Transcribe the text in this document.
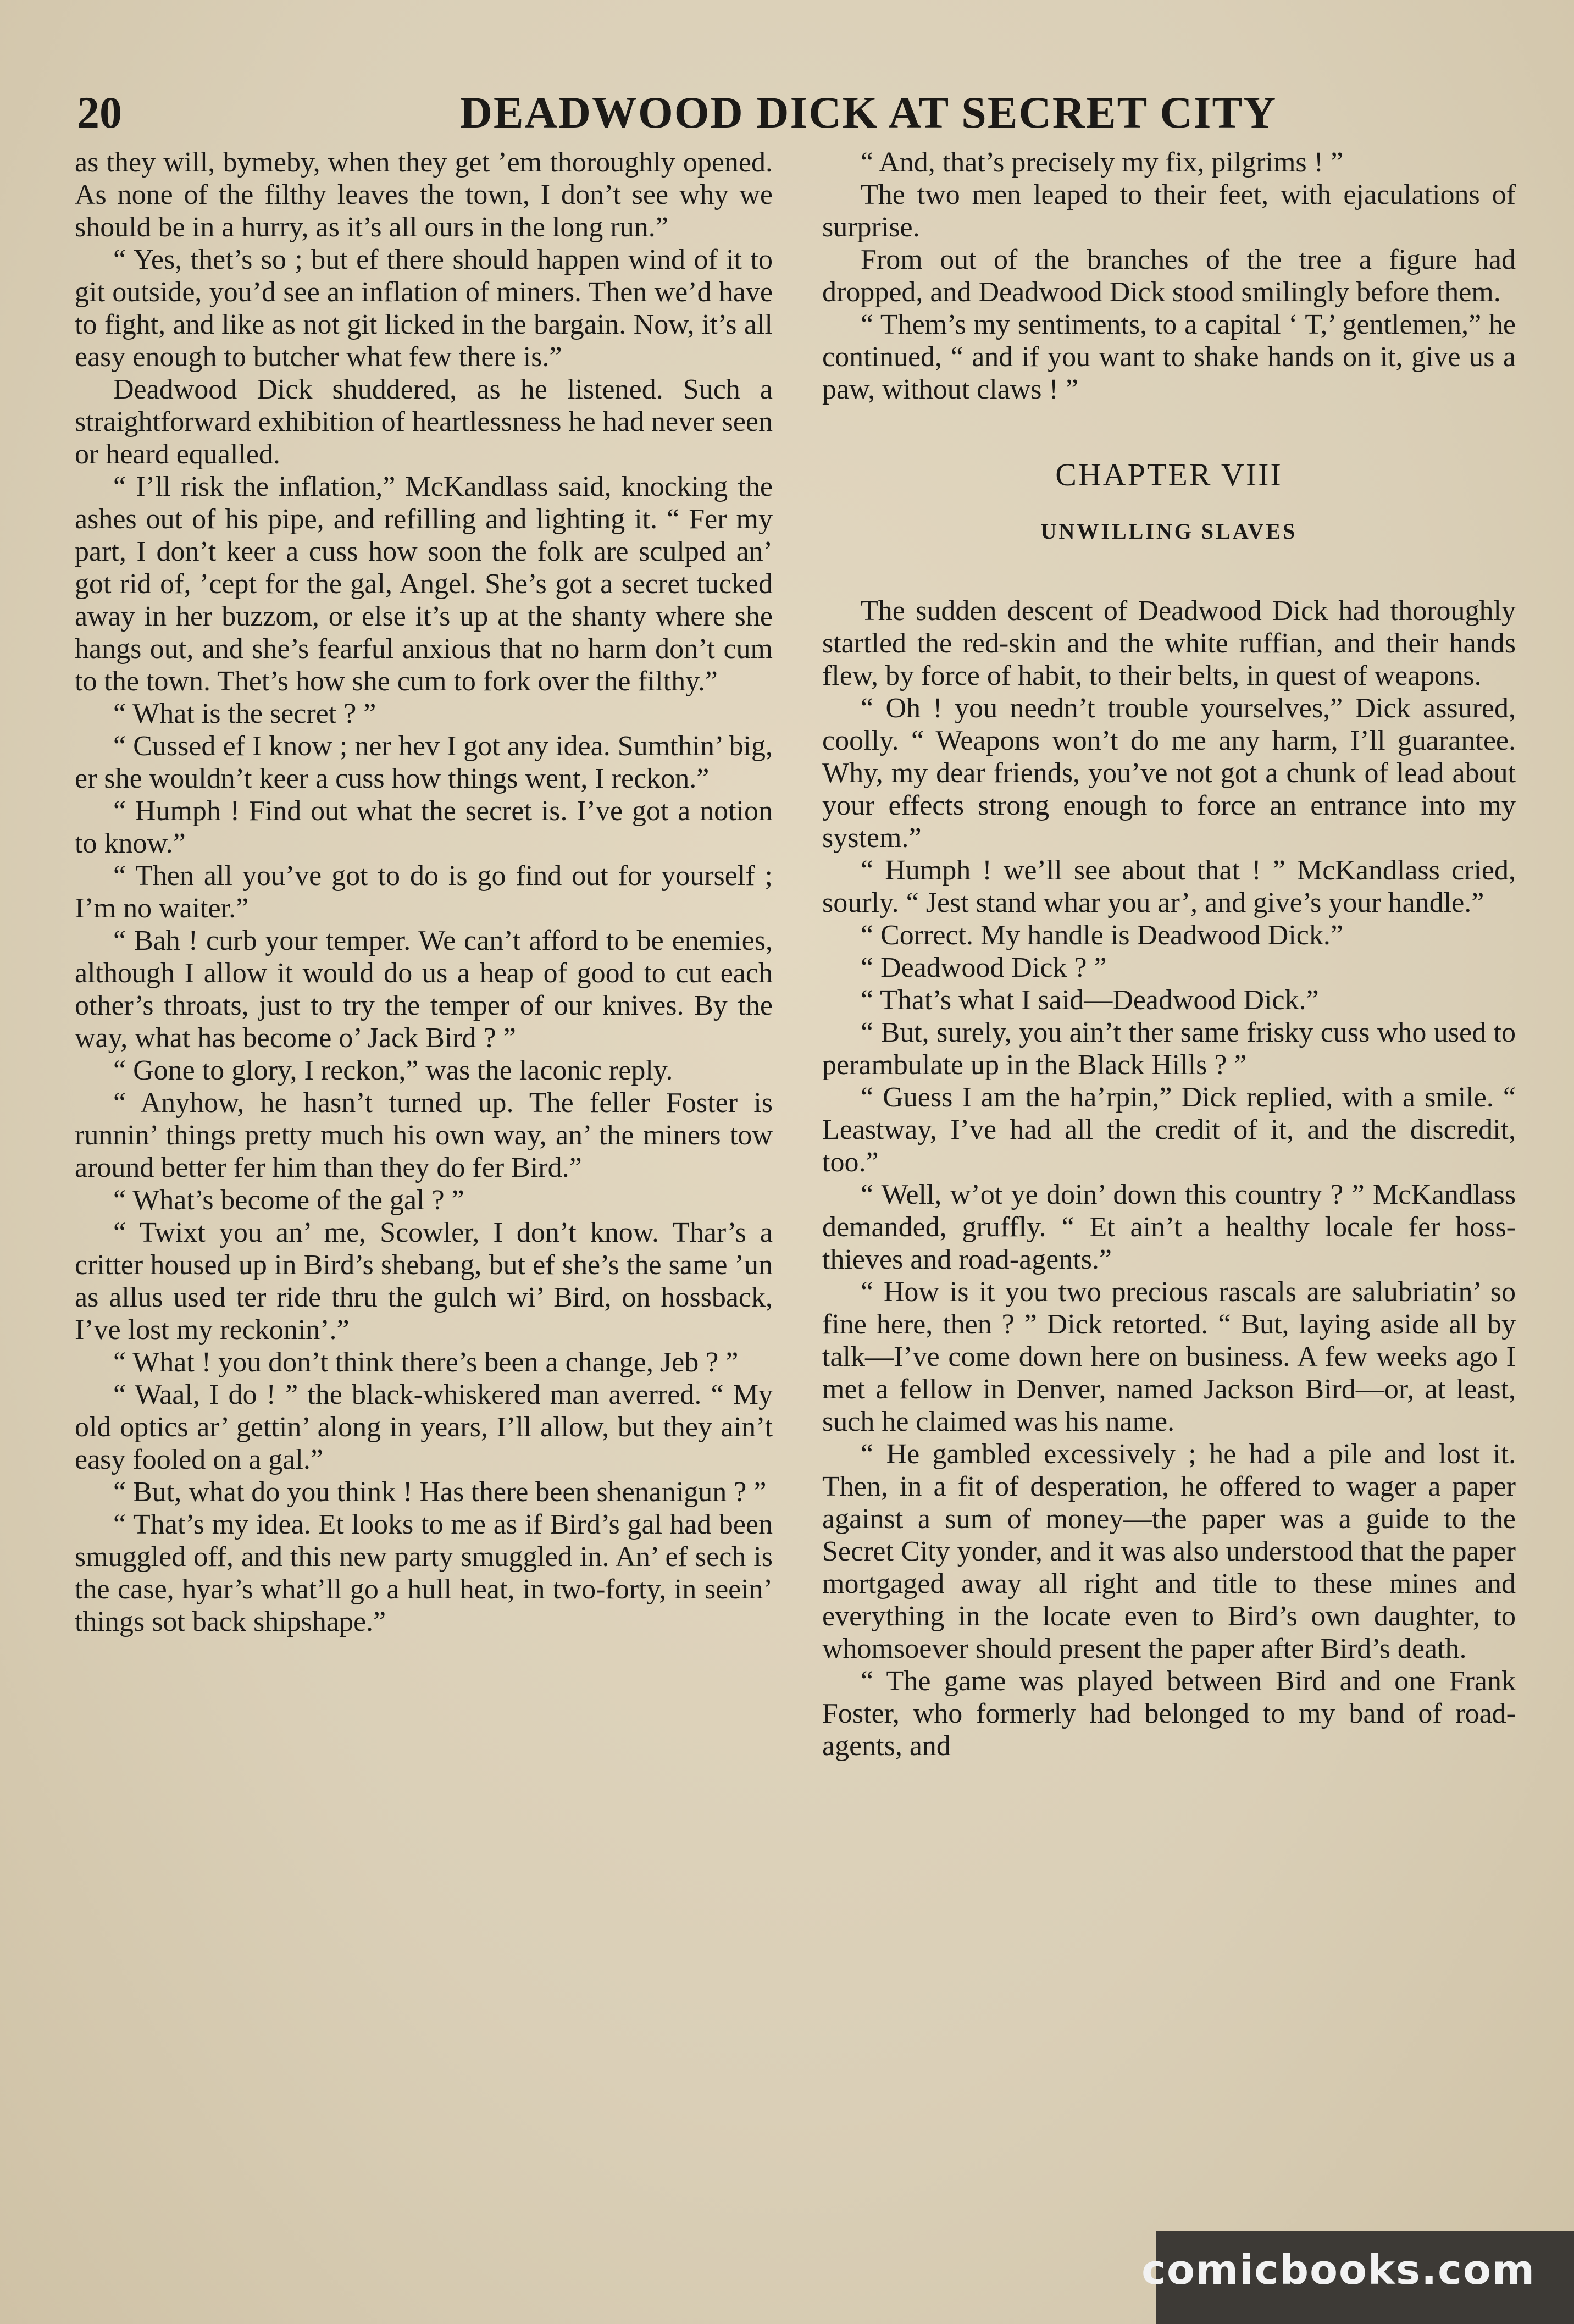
20	DEADWOOD DICK AT SECRET CITY

as they will, bymeby, when they get ’em thoroughly opened. As none of the filthy leaves the town, I don’t see why we should be in a hurry, as it’s all ours in the long run.”

“ Yes, thet’s so ; but ef there should happen wind of it to git outside, you’d see an inflation of miners. Then we’d have to fight, and like as not git licked in the bargain. Now, it’s all easy enough to butcher what few there is.”

Deadwood Dick shuddered, as he listened. Such a straightforward exhibition of heartlessness he had never seen or heard equalled.

“ I’ll risk the inflation,” McKandlass said, knocking the ashes out of his pipe, and refilling and lighting it. “ Fer my part, I don’t keer a cuss how soon the folk are sculped an’ got rid of, ’cept for the gal, Angel. She’s got a secret tucked away in her buzzom, or else it’s up at the shanty where she hangs out, and she’s fearful anxious that no harm don’t cum to the town. Thet’s how she cum to fork over the filthy.”

“ What is the secret ? ”

“ Cussed ef I know ; ner hev I got any idea. Sumthin’ big, er she wouldn’t keer a cuss how things went, I reckon.”

“ Humph ! Find out what the secret is. I’ve got a notion to know.”

“ Then all you’ve got to do is go find out for yourself ; I’m no waiter.”

“ Bah ! curb your temper. We can’t afford to be enemies, although I allow it would do us a heap of good to cut each other’s throats, just to try the temper of our knives. By the way, what has become o’ Jack Bird ? ”

“ Gone to glory, I reckon,” was the laconic reply.

“ Anyhow, he hasn’t turned up. The feller Foster is runnin’ things pretty much his own way, an’ the miners tow around better fer him than they do fer Bird.”

“ What’s become of the gal ? ”

“ Twixt you an’ me, Scowler, I don’t know. Thar’s a critter housed up in Bird’s shebang, but ef she’s the same ’un as allus used ter ride thru the gulch wi’ Bird, on hossback, I’ve lost my reckonin’.”

“ What ! you don’t think there’s been a change, Jeb ? ”

“ Waal, I do ! ” the black-whiskered man averred. “ My old optics ar’ gettin’ along in years, I’ll allow, but they ain’t easy fooled on a gal.”

“ But, what do you think ! Has there been shenanigun ? ”

“ That’s my idea. Et looks to me as if Bird’s gal had been smuggled off, and this new party smuggled in. An’ ef sech is the case, hyar’s what’ll go a hull heat, in two-forty, in seein’ things sot back shipshape.”

“ And, that’s precisely my fix, pilgrims ! ”

The two men leaped to their feet, with ejaculations of surprise.

From out of the branches of the tree a figure had dropped, and Deadwood Dick stood smilingly before them.

“ Them’s my sentiments, to a capital ‘ T,’ gentlemen,” he continued, “ and if you want to shake hands on it, give us a paw, without claws ! ”

CHAPTER VIII
UNWILLING SLAVES

The sudden descent of Deadwood Dick had thoroughly startled the red-skin and the white ruffian, and their hands flew, by force of habit, to their belts, in quest of weapons.

“ Oh ! you needn’t trouble yourselves,” Dick assured, coolly. “ Weapons won’t do me any harm, I’ll guarantee. Why, my dear friends, you’ve not got a chunk of lead about your effects strong enough to force an entrance into my system.”

“ Humph ! we’ll see about that ! ” McKandlass cried, sourly. “ Jest stand whar you ar’, and give’s your handle.”

“ Correct. My handle is Deadwood Dick.”

“ Deadwood Dick ? ”

“ That’s what I said—Deadwood Dick.”

“ But, surely, you ain’t ther same frisky cuss who used to perambulate up in the Black Hills ? ”

“ Guess I am the ha’rpin,” Dick replied, with a smile. “ Leastway, I’ve had all the credit of it, and the discredit, too.”

“ Well, w’ot ye doin’ down this country ? ” McKandlass demanded, gruffly. “ Et ain’t a healthy locale fer hoss-thieves and road-agents.”

“ How is it you two precious rascals are salubriatin’ so fine here, then ? ” Dick retorted. “ But, laying aside all by talk—I’ve come down here on business. A few weeks ago I met a fellow in Denver, named Jackson Bird—or, at least, such he claimed was his name.

“ He gambled excessively ; he had a pile and lost it. Then, in a fit of desperation, he offered to wager a paper against a sum of money—the paper was a guide to the Secret City yonder, and it was also understood that the paper mortgaged away all right and title to these mines and everything in the locate even to Bird’s own daughter, to whomsoever should present the paper after Bird’s death.

“ The game was played between Bird and one Frank Foster, who formerly had belonged to my band of road-agents, and

comicbooks.com
